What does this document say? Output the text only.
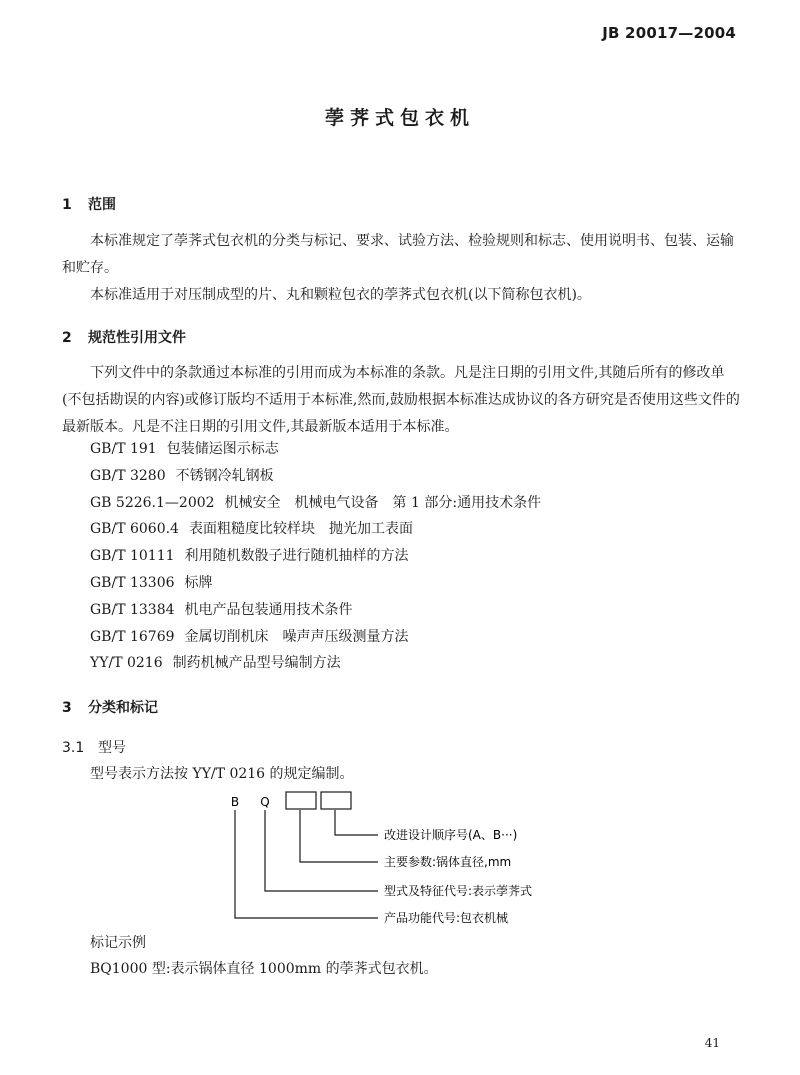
JB 20017—2004
荸荠式包衣机
1 范围
本标准规定了荸荠式包衣机的分类与标记、要求、试验方法、检验规则和标志、使用说明书、包装、运输和贮存。
本标准适用于对压制成型的片、丸和颗粒包衣的荸荠式包衣机(以下简称包衣机)。
2 规范性引用文件
下列文件中的条款通过本标准的引用而成为本标准的条款。凡是注日期的引用文件,其随后所有的修改单(不包括勘误的内容)或修订版均不适用于本标准,然而,鼓励根据本标准达成协议的各方研究是否使用这些文件的最新版本。凡是不注日期的引用文件,其最新版本适用于本标准。
GB/T 191 包装储运图示标志
GB/T 3280 不锈钢冷轧钢板
GB 5226.1—2002 机械安全　机械电气设备　第 1 部分:通用技术条件
GB/T 6060.4 表面粗糙度比较样块　抛光加工表面
GB/T 10111 利用随机数骰子进行随机抽样的方法
GB/T 13306 标牌
GB/T 13384 机电产品包装通用技术条件
GB/T 16769 金属切削机床　噪声声压级测量方法
YY/T 0216 制药机械产品型号编制方法
3 分类和标记
3.1 型号
型号表示方法按 YY/T 0216 的规定编制。
B Q
改进设计顺序号(A、B···)
主要参数:锅体直径,mm
型式及特征代号:表示荸荠式
产品功能代号:包衣机械
标记示例
BQ1000 型:表示锅体直径 1000mm 的荸荠式包衣机。
41
